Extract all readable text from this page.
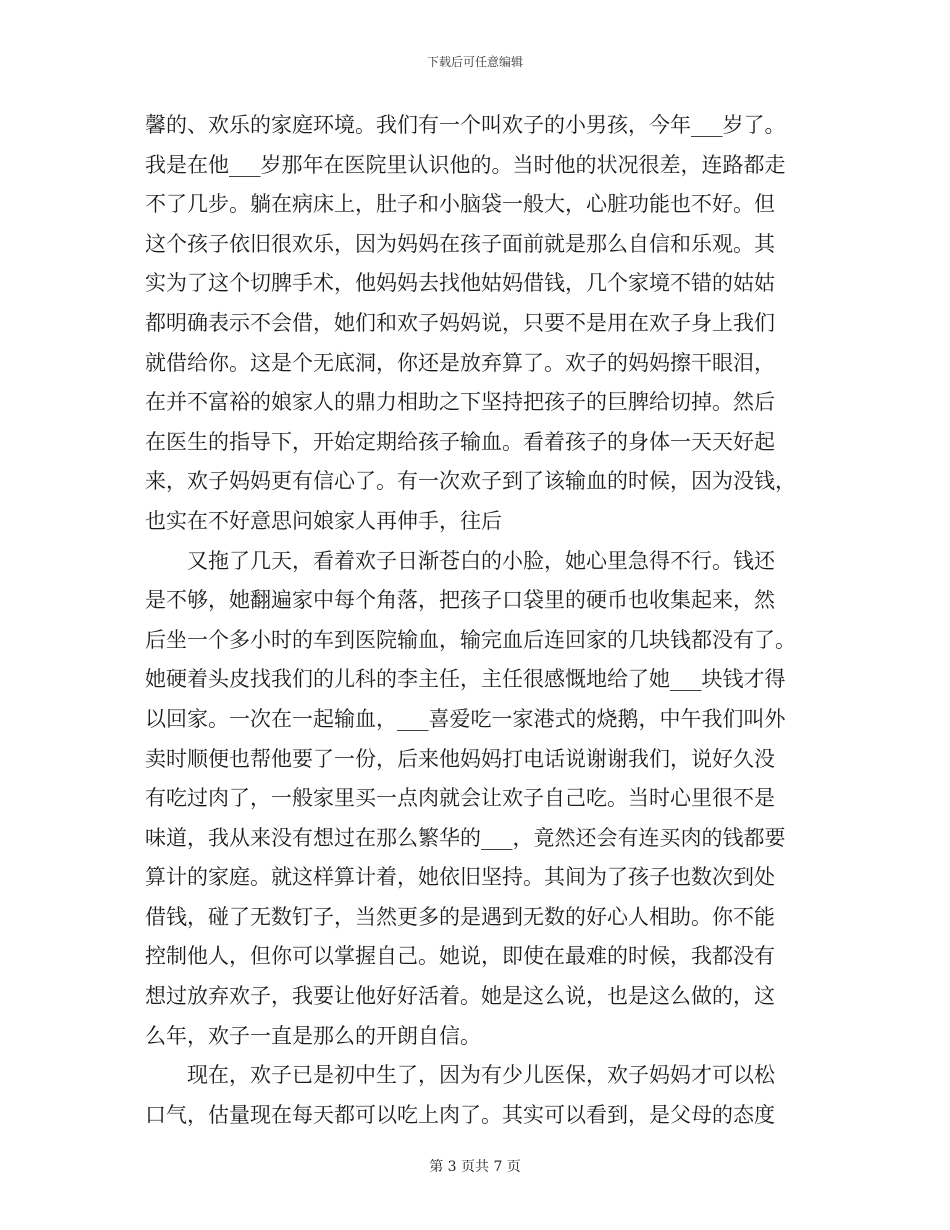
下载后可任意编辑
馨的、欢乐的家庭环境。我们有一个叫欢子的小男孩，今年___岁了。
我是在他___岁那年在医院里认识他的。当时他的状况很差，连路都走
不了几步。躺在病床上，肚子和小脑袋一般大，心脏功能也不好。但
这个孩子依旧很欢乐，因为妈妈在孩子面前就是那么自信和乐观。其
实为了这个切脾手术，他妈妈去找他姑妈借钱，几个家境不错的姑姑
都明确表示不会借，她们和欢子妈妈说，只要不是用在欢子身上我们
就借给你。这是个无底洞，你还是放弃算了。欢子的妈妈擦干眼泪，
在并不富裕的娘家人的鼎力相助之下坚持把孩子的巨脾给切掉。然后
在医生的指导下，开始定期给孩子输血。看着孩子的身体一天天好起
来，欢子妈妈更有信心了。有一次欢子到了该输血的时候，因为没钱，
也实在不好意思问娘家人再伸手，往后
又拖了几天，看着欢子日渐苍白的小脸，她心里急得不行。钱还
是不够，她翻遍家中每个角落，把孩子口袋里的硬币也收集起来，然
后坐一个多小时的车到医院输血，输完血后连回家的几块钱都没有了。
她硬着头皮找我们的儿科的李主任，主任很感慨地给了她___块钱才得
以回家。一次在一起输血，___喜爱吃一家港式的烧鹅，中午我们叫外
卖时顺便也帮他要了一份，后来他妈妈打电话说谢谢我们，说好久没
有吃过肉了，一般家里买一点肉就会让欢子自己吃。当时心里很不是
味道，我从来没有想过在那么繁华的___，竟然还会有连买肉的钱都要
算计的家庭。就这样算计着，她依旧坚持。其间为了孩子也数次到处
借钱，碰了无数钉子，当然更多的是遇到无数的好心人相助。你不能
控制他人，但你可以掌握自己。她说，即使在最难的时候，我都没有
想过放弃欢子，我要让他好好活着。她是这么说，也是这么做的，这
么年，欢子一直是那么的开朗自信。
现在，欢子已是初中生了，因为有少儿医保，欢子妈妈才可以松
口气，估量现在每天都可以吃上肉了。其实可以看到，是父母的态度
第 3 页共 7 页
